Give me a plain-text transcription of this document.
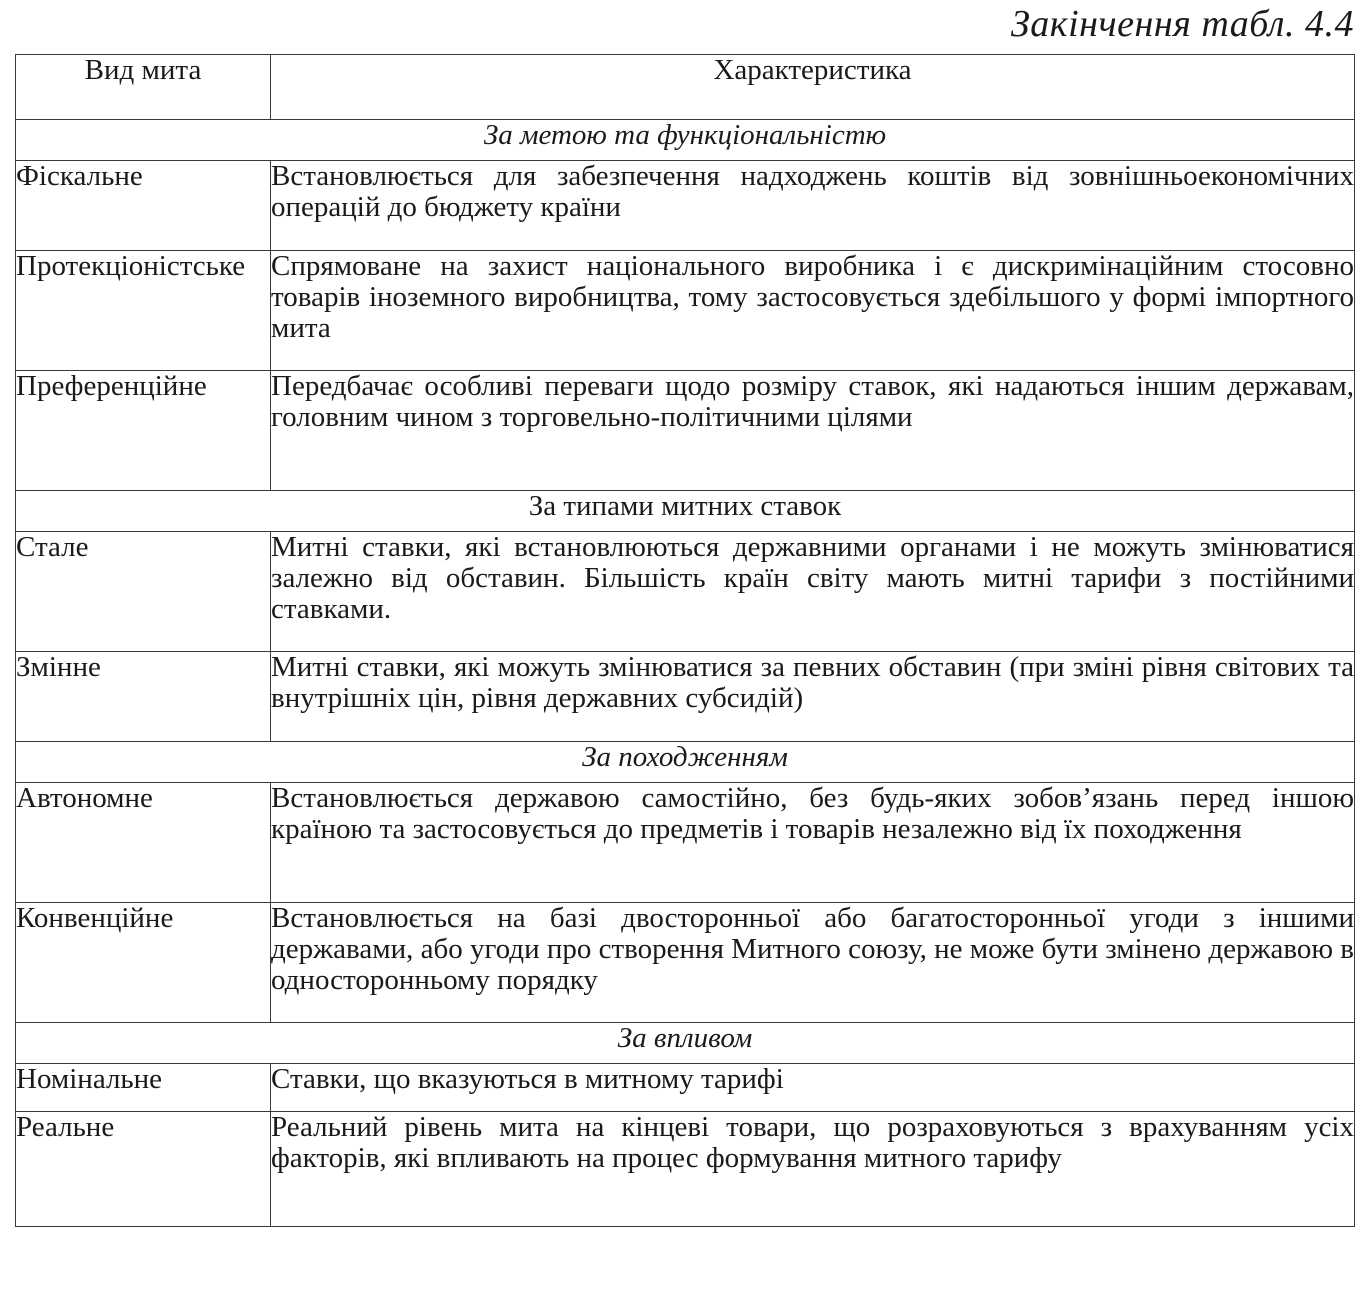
Закінчення табл. 4.4
Вид мита	Характеристика
За метою та функціональністю	
Фіскальне	Встановлюється для забезпечення надходжень коштів від зовнішньоекономічних операцій до бюджету країни
Протекціоністське	Спрямоване на захист національного виробника і є дискримінаційним стосовно товарів іноземного виробництва, тому застосовується здебільшого у формі імпортного мита
Преференційне	Передбачає особливі переваги щодо розміру ставок, які надаються іншим державам, головним чином з торговельно-політичними цілями
За типами митних ставок	
Стале	Митні ставки, які встановлюються державними органами і не можуть змінюватися залежно від обставин. Більшість країн світу мають митні тарифи з постійними ставками.
Змінне	Митні ставки, які можуть змінюватися за певних обставин (при зміні рівня світових та внутрішніх цін, рівня державних субсидій)
За походженням	
Автономне	Встановлюється державою самостійно, без будь-яких зобов’язань перед іншою країною та застосовується до предметів і товарів незалежно від їх походження
Конвенційне	Встановлюється на базі двосторонньої або багатосторонньої угоди з іншими державами, або угоди про створення Митного союзу, не може бути змінено державою в односторонньому порядку
За впливом	
Номінальне	Ставки, що вказуються в митному тарифі
Реальне	Реальний рівень мита на кінцеві товари, що розраховуються з врахуванням усіх факторів, які впливають на процес формування митного тарифу
